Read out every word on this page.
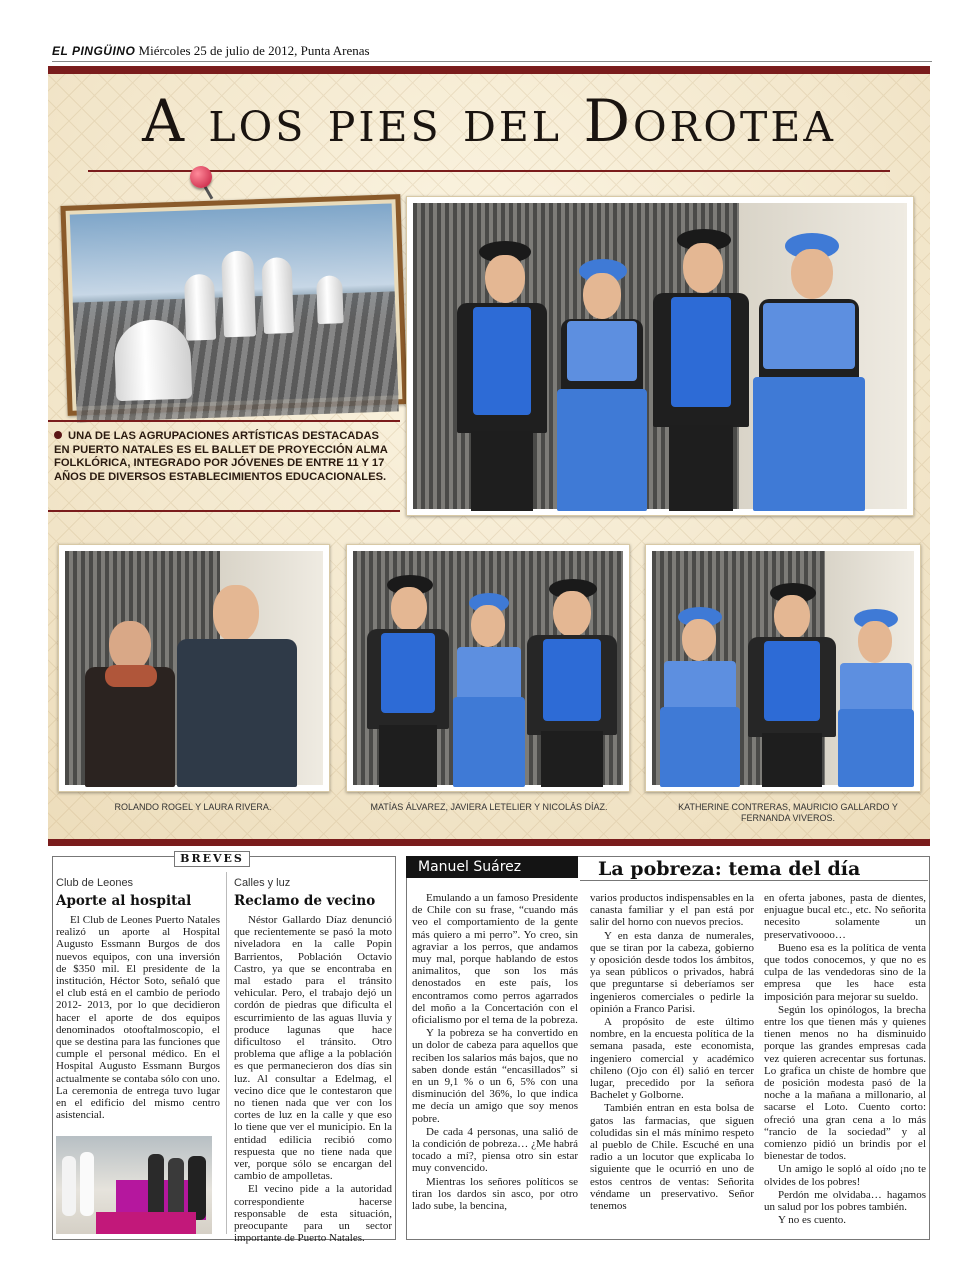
EL PINGÜINO Miércoles 25 de julio de 2012, Punta Arenas
A los pies del Dorotea
UNA DE LAS AGRUPACIONES ARTÍSTICAS DESTACADAS EN PUERTO NATALES ES EL BALLET DE PROYECCIÓN ALMA FOLKLÓRICA, INTEGRADO POR JÓVENES DE ENTRE 11 Y 17 AÑOS DE DIVERSOS ESTABLECIMIENTOS EDUCACIONALES.
ROLANDO ROGEL Y LAURA RIVERA.	MATÍAS ÁLVAREZ, JAVIERA LETELIER Y NICOLÁS DÍAZ.	KATHERINE CONTRERAS, MAURICIO GALLARDO Y FERNANDA VIVEROS.
BREVES
Club de Leones
Aporte al hospital

El Club de Leones Puerto Natales realizó un aporte al Hospital Augusto Essmann Burgos de dos nuevos equipos, con una inversión de $350 mil. El presidente de la institución, Héctor Soto, señaló que el club está en el cambio de periodo 2012- 2013, por lo que decidieron hacer el aporte de dos equipos denominados otooftalmoscopio, el que se destina para las funciones que cumple el personal médico. En el Hospital Augusto Essmann Burgos actualmente se contaba sólo con uno. La ceremonia de entrega tuvo lugar en el edificio del mismo centro asistencial.

Calles y luz
Reclamo de vecino

Néstor Gallardo Díaz denunció que recientemente se pasó la moto niveladora en la calle Popin Barrientos, Población Octavio Castro, ya que se encontraba en mal estado para el tránsito vehicular. Pero, el trabajo dejó un cordón de piedras que dificulta el escurrimiento de las aguas lluvia y produce lagunas que hace dificultoso el tránsito. Otro problema que aflige a la población es que permanecieron dos días sin luz. Al consultar a Edelmag, el vecino dice que le contestaron que no tienen nada que ver con los cortes de luz en la calle y que eso lo tiene que ver el municipio. En la entidad edilicia recibió como respuesta que no tiene nada que ver, porque sólo se encargan del cambio de ampolletas.

El vecino pide a la autoridad correspondiente hacerse responsable de esta situación, preocupante para un sector importante de Puerto Natales.

Manuel Suárez	La pobreza: tema del día

Emulando a un famoso Presidente de Chile con su frase, “cuando más veo el comportamiento de la gente más quiero a mi perro”. Yo creo, sin agraviar a los perros, que andamos muy mal, porque hablando de estos animalitos, que son los más denostados en este país, los encontramos como perros agarrados del moño a la Concertación con el oficialismo por el tema de la pobreza.

Y la pobreza se ha convertido en un dolor de cabeza para aquellos que reciben los salarios más bajos, que no saben donde están “encasillados” si en un 9,1 % o un 6, 5% con una disminución del 36%, lo que indica me decía un amigo que soy menos pobre.

De cada 4 personas, una salió de la condición de pobreza… ¿Me habrá tocado a mí?, piensa otro sin estar muy convencido.

Mientras los señores políticos se tiran los dardos sin asco, por otro lado sube, la bencina,

varios productos indispensables en la canasta familiar y el pan está por salir del horno con nuevos precios.

Y en esta danza de numerales, que se tiran por la cabeza, gobierno y oposición desde todos los ámbitos, ya sean públicos o privados, habrá que preguntarse si deberíamos ser ingenieros comerciales o pedirle la opinión a Franco Parisi.

A propósito de este último nombre, en la encuesta política de la semana pasada, este economista, ingeniero comercial y académico chileno (Ojo con él) salió en tercer lugar, precedido por la señora Bachelet y Golborne.

También entran en esta bolsa de gatos las farmacias, que siguen coludidas sin el más mínimo respeto al pueblo de Chile. Escuché en una radio a un locutor que explicaba lo siguiente que le ocurrió en uno de estos centros de ventas: Señorita véndame un preservativo. Señor tenemos

en oferta jabones, pasta de dientes, enjuague bucal etc., etc. No señorita necesito solamente un preservativoooo…

Bueno esa es la política de venta que todos conocemos, y que no es culpa de las vendedoras sino de la empresa que les hace esta imposición para mejorar su sueldo.

Según los opinólogos, la brecha entre los que tienen más y quienes tienen menos no ha disminuido porque las grandes empresas cada vez quieren acrecentar sus fortunas. Lo grafica un chiste de hombre que de posición modesta pasó de la noche a la mañana a millonario, al sacarse el Loto. Cuento corto: ofreció una gran cena a lo más “rancio de la sociedad” y al comienzo pidió un brindis por el bienestar de todos.

Un amigo le sopló al oído ¡no te olvides de los pobres!

Perdón me olvidaba… hagamos un salud por los pobres también.

Y no es cuento.
